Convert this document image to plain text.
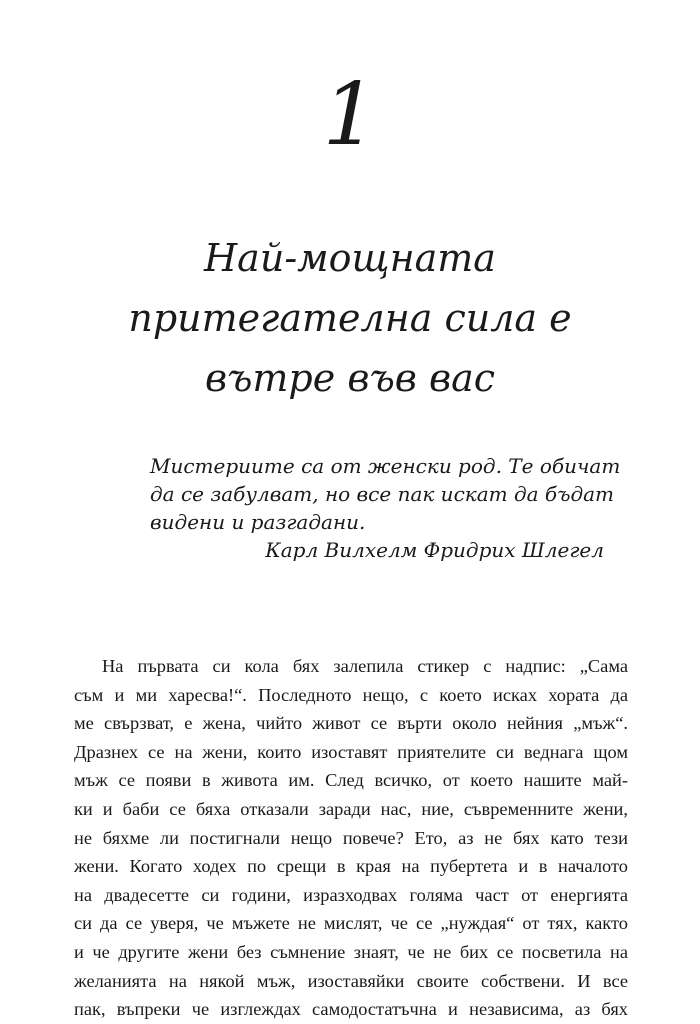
1
Най-мощната
притегателна сила е
вътре във вас
Мистериите са от женски род. Те обичат
да се забулват, но все пак искат да бъдат
видени и разгадани.
Карл Вилхелм Фридрих Шлегел
На първата си кола бях залепила стикер с надпис: „Сама
съм и ми харесва!“. Последното нещо, с което исках хората да
ме свързват, е жена, чийто живот се върти около нейния „мъж“.
Дразнех се на жени, които изоставят приятелите си веднага щом
мъж се появи в живота им. След всичко, от което нашите май-
ки и баби се бяха отказали заради нас, ние, съвременните жени,
не бяхме ли постигнали нещо повече? Ето, аз не бях като тези
жени. Когато ходех по срещи в края на пубертета и в началото
на двадесетте си години, изразходвах голяма част от енергията
си да се уверя, че мъжете не мислят, че се „нуждая“ от тях, както
и че другите жени без съмнение знаят, че не бих се посветила на
желанията на някой мъж, изоставяйки своите собствени. И все
пак, въпреки че изглеждах самодостатъчна и независима, аз бях
